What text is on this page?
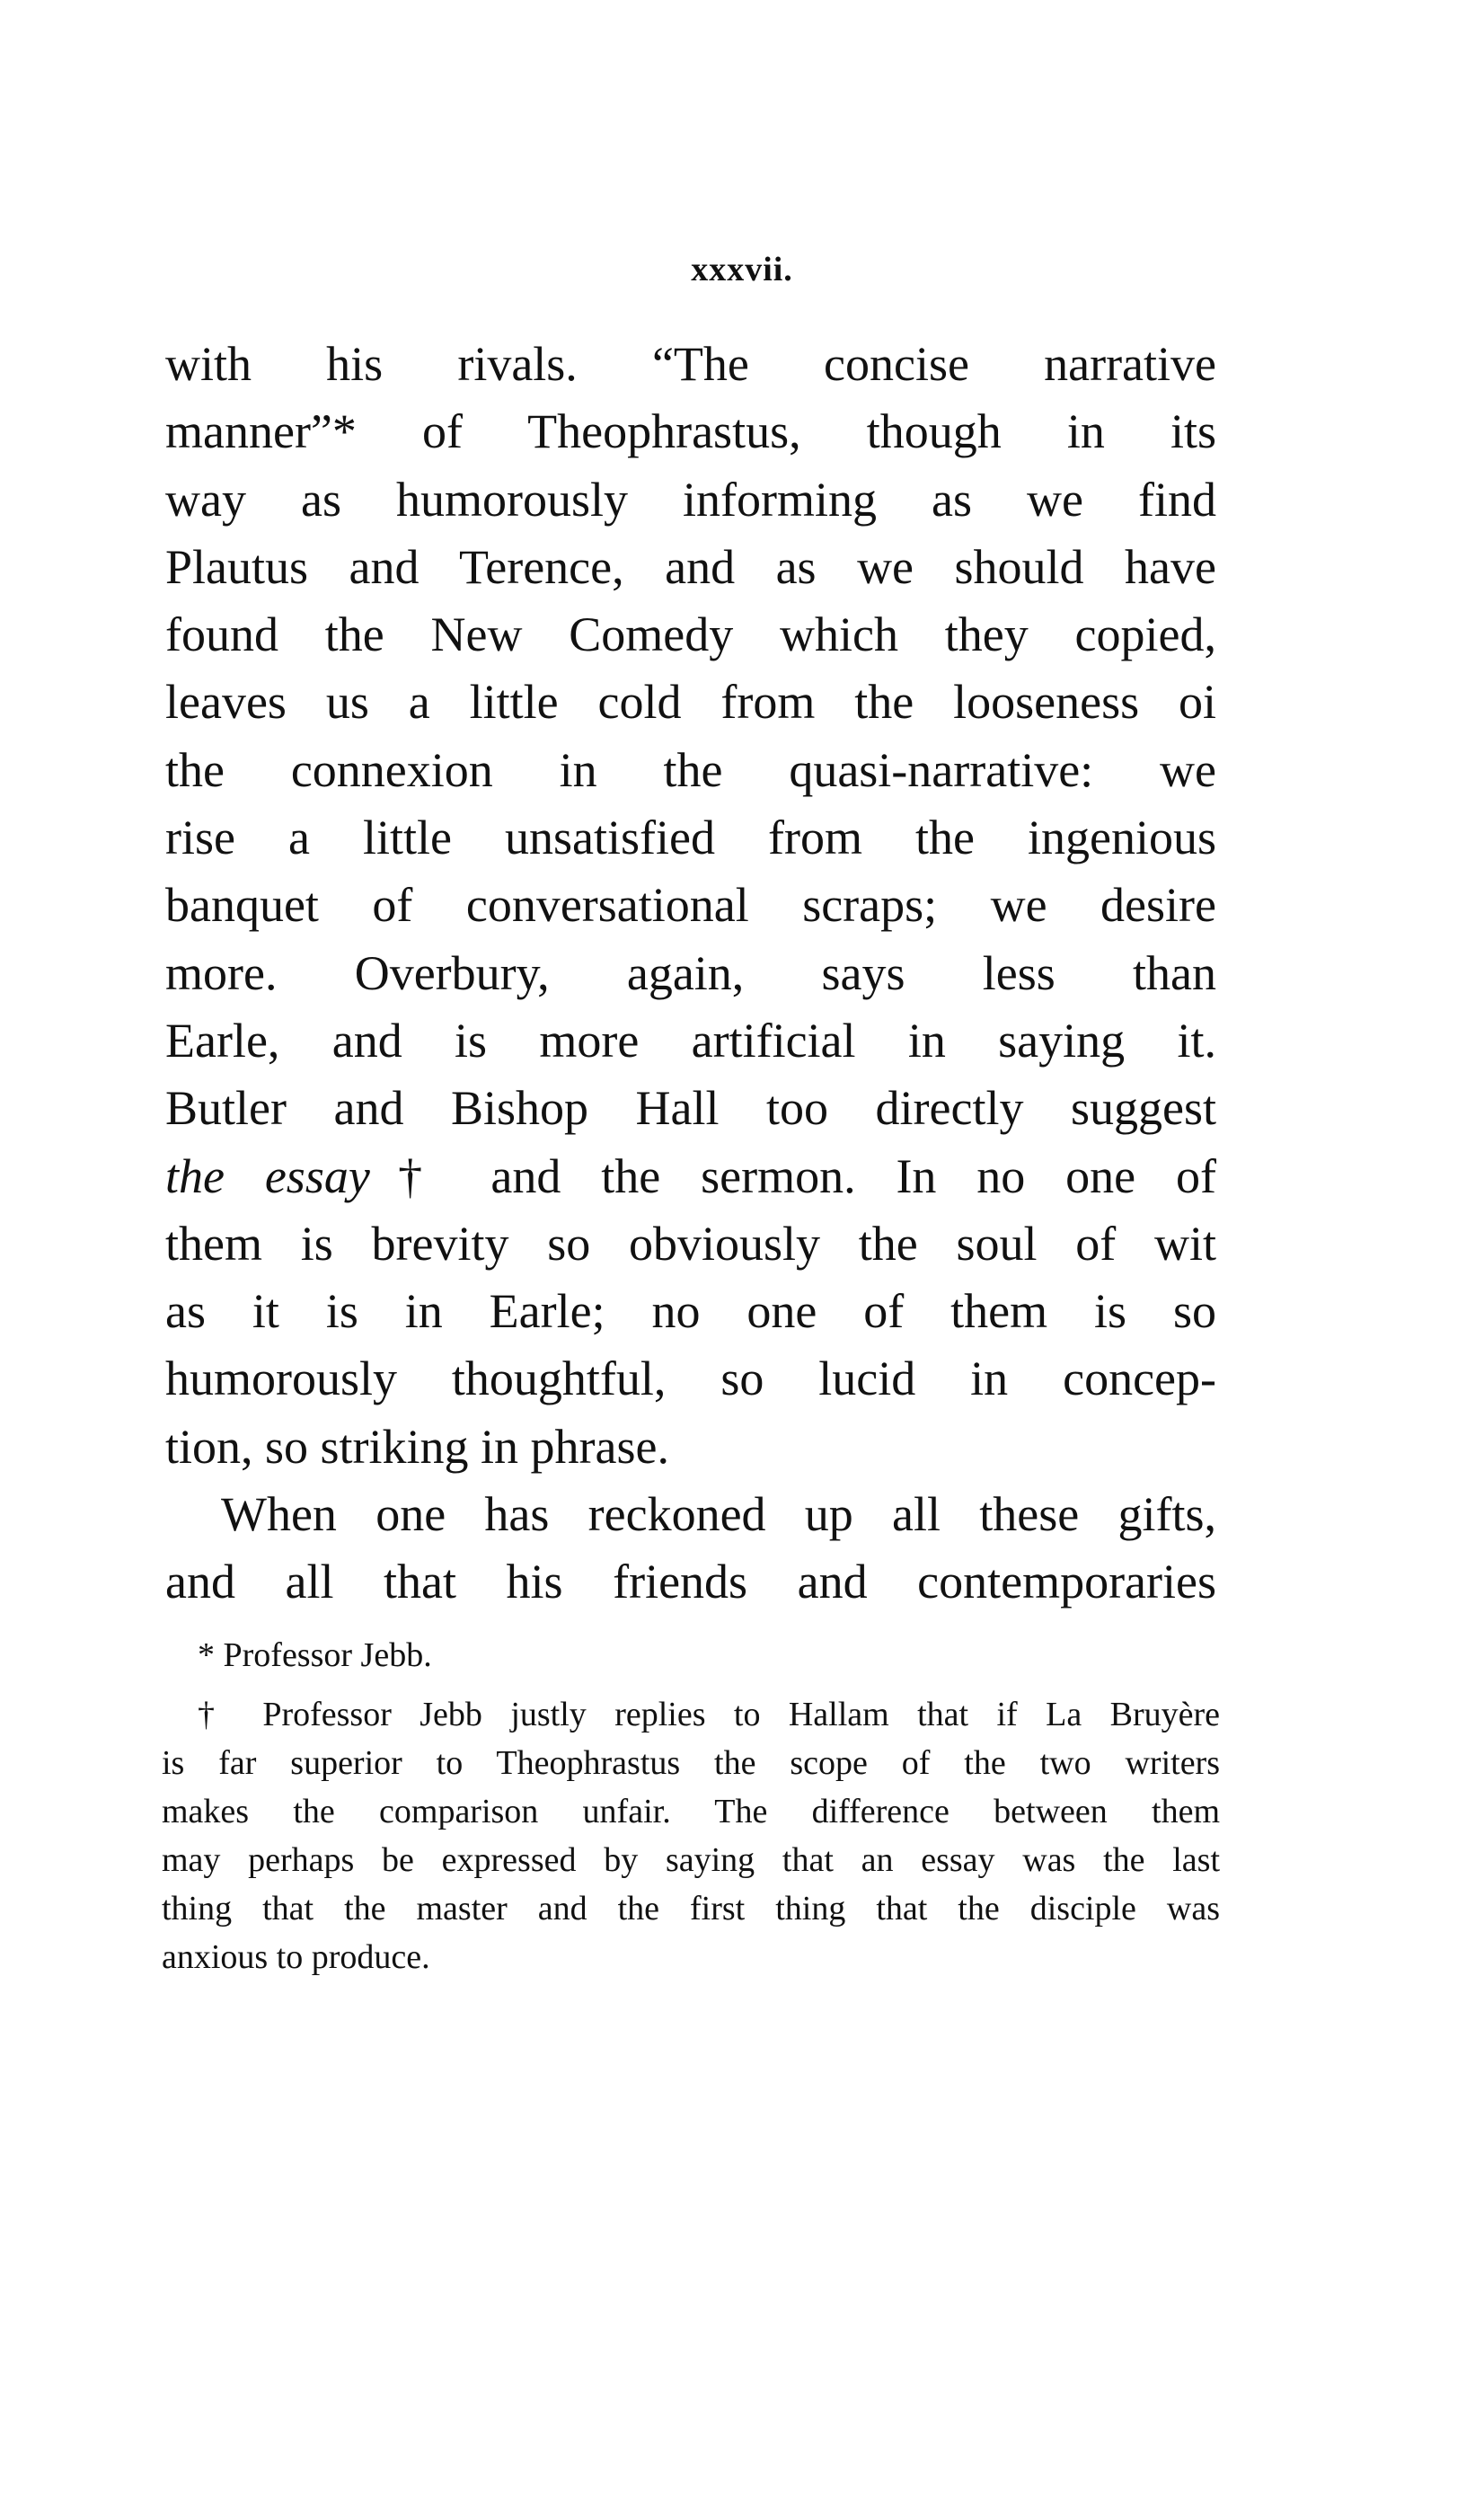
xxxvii.
with his rivals. “The concise narrative
manner”* of Theophrastus, though in its
way as humorously informing as we find
Plautus and Terence, and as we should have
found the New Comedy which they copied,
leaves us a little cold from the looseness oi
the connexion in the quasi-narrative: we
rise a little unsatisfied from the ingenious
banquet of conversational scraps; we desire
more. Overbury, again, says less than
Earle, and is more artificial in saying it.
Butler and Bishop Hall too directly suggest
the essay† and the sermon. In no one of
them is brevity so obviously the soul of wit
as it is in Earle; no one of them is so
humorously thoughtful, so lucid in concep-
tion, so striking in phrase.
When one has reckoned up all these gifts,
and all that his friends and contemporaries
* Professor Jebb.
† Professor Jebb justly replies to Hallam that if La Bruyère
is far superior to Theophrastus the scope of the two writers
makes the comparison unfair. The difference between them
may perhaps be expressed by saying that an essay was the last
thing that the master and the first thing that the disciple was
anxious to produce.
